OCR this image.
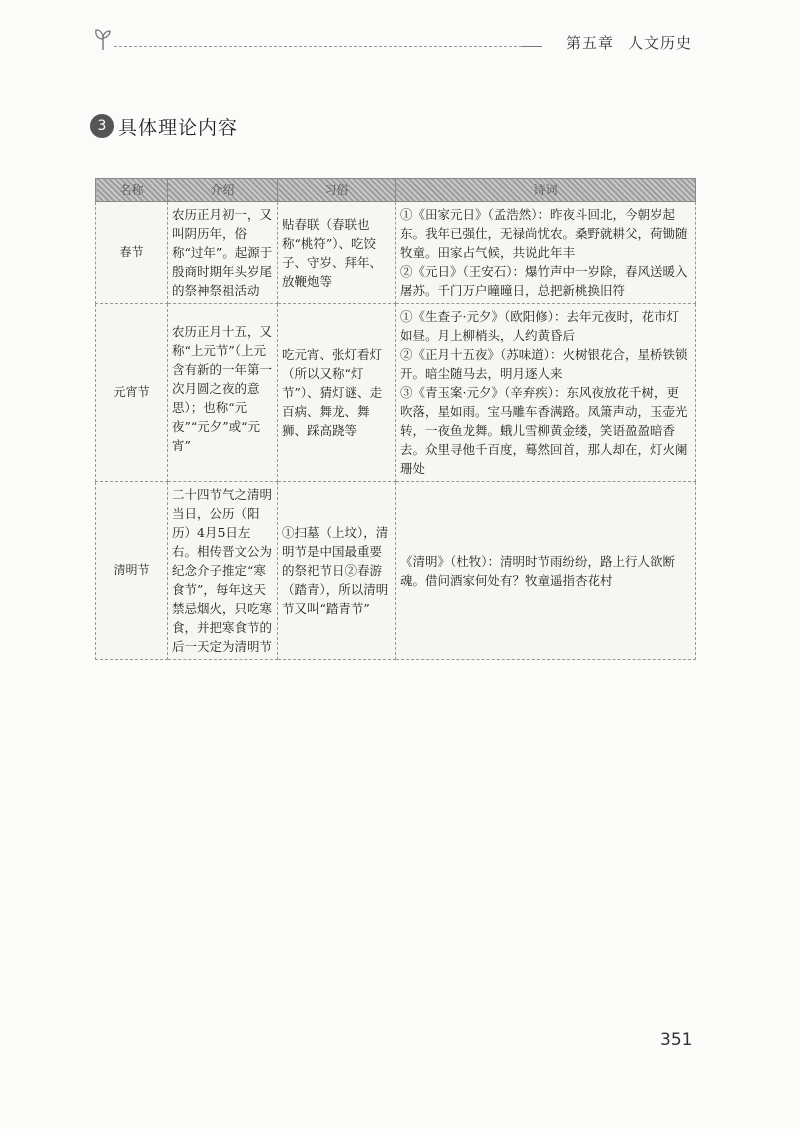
第五章 人文历史
3 具体理论内容
名称	介绍	习俗	诗词
春节	农历正月初一，又叫阴历年，俗称“过年”。起源于殷商时期年头岁尾的祭神祭祖活动	贴春联（春联也称“桃符”）、吃饺子、守岁、拜年、放鞭炮等	①《田家元日》（孟浩然）：昨夜斗回北，今朝岁起东。我年已强仕，无禄尚忧农。桑野就耕父，荷锄随牧童。田家占气候，共说此年丰
②《元日》（王安石）：爆竹声中一岁除，春风送暖入屠苏。千门万户曈曈日，总把新桃换旧符

元宵节	农历正月十五，又称“上元节”（上元含有新的一年第一次月圆之夜的意思）；也称“元夜”“元夕”或“元宵”	吃元宵、张灯看灯（所以又称“灯节”）、猜灯谜、走百病、舞龙、舞狮、踩高跷等	①《生查子·元夕》（欧阳修）：去年元夜时，花市灯如昼。月上柳梢头，人约黄昏后
②《正月十五夜》（苏味道）：火树银花合，星桥铁锁开。暗尘随马去，明月逐人来
③《青玉案·元夕》（辛弃疾）：东风夜放花千树，更吹落，星如雨。宝马雕车香满路。凤箫声动，玉壶光转，一夜鱼龙舞。蛾儿雪柳黄金缕，笑语盈盈暗香去。众里寻他千百度，蓦然回首，那人却在，灯火阑珊处

清明节	二十四节气之清明当日，公历（阳历）4月5日左右。相传晋文公为纪念介子推定“寒食节”，每年这天禁忌烟火，只吃寒食，并把寒食节的后一天定为清明节	①扫墓（上坟），清明节是中国最重要的祭祀节日②春游（踏青），所以清明节又叫“踏青节”	《清明》（杜牧）：清明时节雨纷纷，路上行人欲断魂。借问酒家何处有？牧童遥指杏花村
351
